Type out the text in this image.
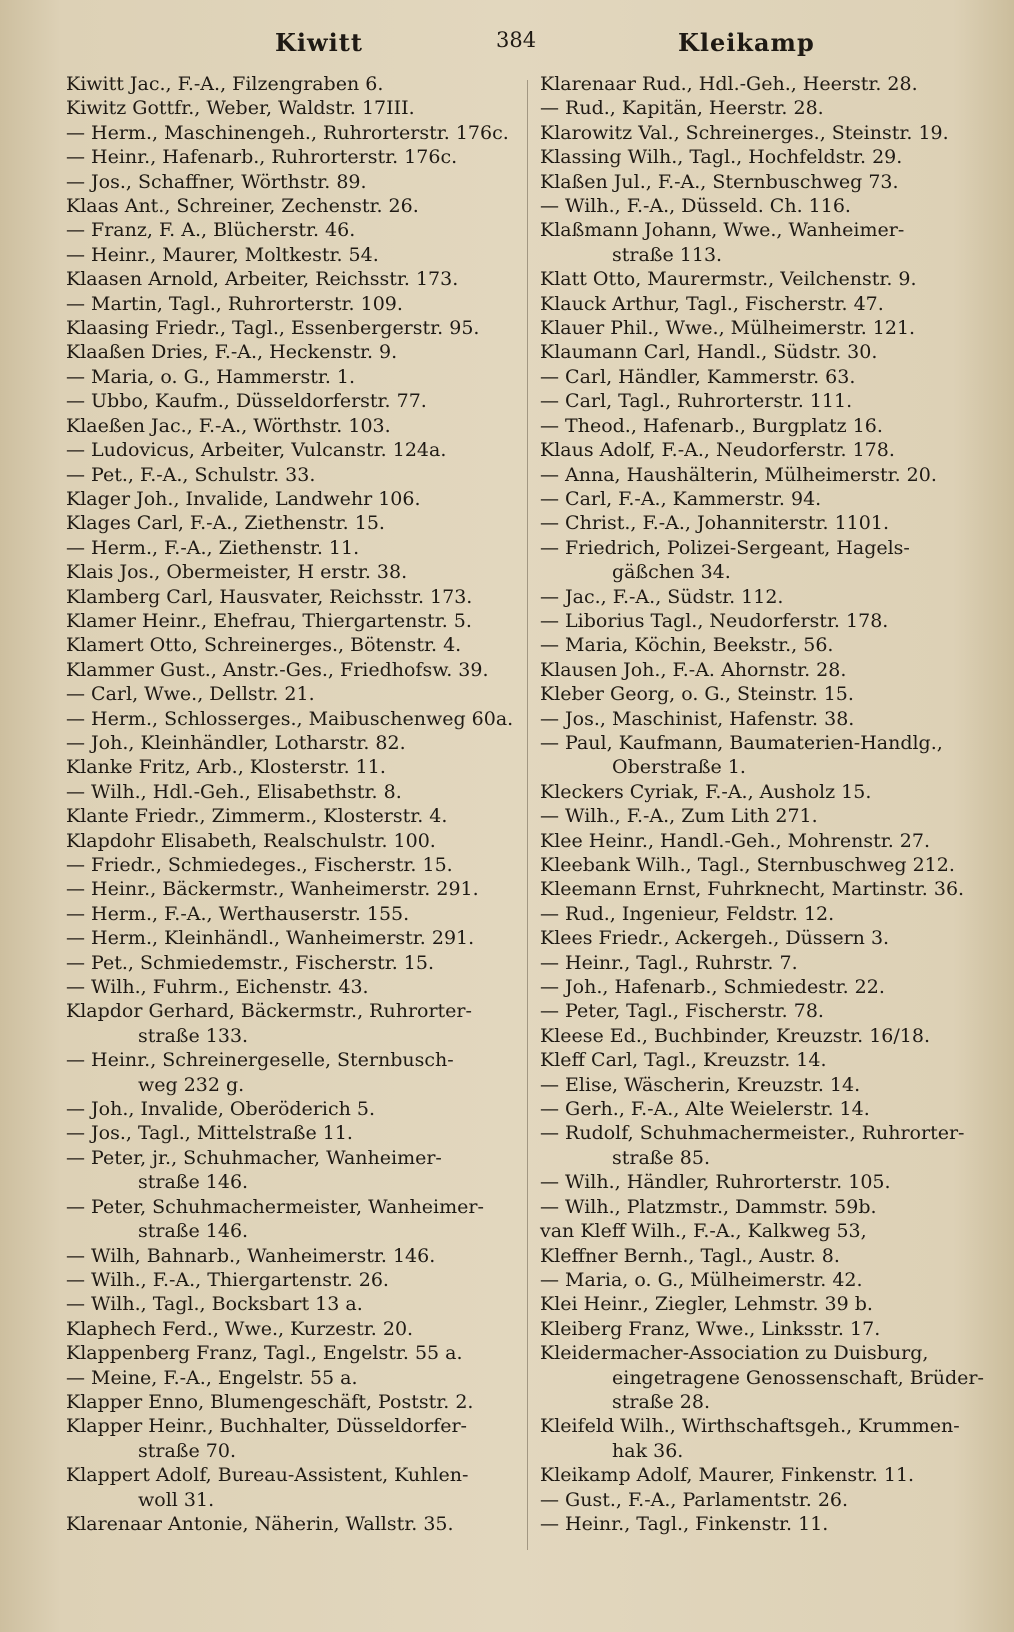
Kiwitt	384	Kleikamp
Kiwitt Jac., F.-A., Filzengraben 6.
Kiwitz Gottfr., Weber, Waldstr. 17III.
— Herm., Maschinengeh., Ruhrorterstr. 176c.
— Heinr., Hafenarb., Ruhrorterstr. 176c.
— Jos., Schaffner, Wörthstr. 89.
Klaas Ant., Schreiner, Zechenstr. 26.
— Franz, F. A., Blücherstr. 46.
— Heinr., Maurer, Moltkestr. 54.
Klaasen Arnold, Arbeiter, Reichsstr. 173.
— Martin, Tagl., Ruhrorterstr. 109.
Klaasing Friedr., Tagl., Essenbergerstr. 95.
Klaaßen Dries, F.-A., Heckenstr. 9.
— Maria, o. G., Hammerstr. 1.
— Ubbo, Kaufm., Düsseldorferstr. 77.
Klaeßen Jac., F.-A., Wörthstr. 103.
— Ludovicus, Arbeiter, Vulcanstr. 124a.
— Pet., F.-A., Schulstr. 33.
Klager Joh., Invalide, Landwehr 106.
Klages Carl, F.-A., Ziethenstr. 15.
— Herm., F.-A., Ziethenstr. 11.
Klais Jos., Obermeister, H erstr. 38.
Klamberg Carl, Hausvater, Reichsstr. 173.
Klamer Heinr., Ehefrau, Thiergartenstr. 5.
Klamert Otto, Schreinerges., Bötenstr. 4.
Klammer Gust., Anstr.-Ges., Friedhofsw. 39.
— Carl, Wwe., Dellstr. 21.
— Herm., Schlosserges., Maibuschenweg 60a.
— Joh., Kleinhändler, Lotharstr. 82.
Klanke Fritz, Arb., Klosterstr. 11.
— Wilh., Hdl.-Geh., Elisabethstr. 8.
Klante Friedr., Zimmerm., Klosterstr. 4.
Klapdohr Elisabeth, Realschulstr. 100.
— Friedr., Schmiedeges., Fischerstr. 15.
— Heinr., Bäckermstr., Wanheimerstr. 291.
— Herm., F.-A., Werthauserstr. 155.
— Herm., Kleinhändl., Wanheimerstr. 291.
— Pet., Schmiedemstr., Fischerstr. 15.
— Wilh., Fuhrm., Eichenstr. 43.
Klapdor Gerhard, Bäckermstr., Ruhrorter-
straße 133.
— Heinr., Schreinergeselle, Sternbusch-
weg 232 g.
— Joh., Invalide, Oberöderich 5.
— Jos., Tagl., Mittelstraße 11.
— Peter, jr., Schuhmacher, Wanheimer-
straße 146.
— Peter, Schuhmachermeister, Wanheimer-
straße 146.
— Wilh, Bahnarb., Wanheimerstr. 146.
— Wilh., F.-A., Thiergartenstr. 26.
— Wilh., Tagl., Bocksbart 13 a.
Klaphech Ferd., Wwe., Kurzestr. 20.
Klappenberg Franz, Tagl., Engelstr. 55 a.
— Meine, F.-A., Engelstr. 55 a.
Klapper Enno, Blumengeschäft, Poststr. 2.
Klapper Heinr., Buchhalter, Düsseldorfer-
straße 70.
Klappert Adolf, Bureau-Assistent, Kuhlen-
woll 31.
Klarenaar Antonie, Näherin, Wallstr. 35.
Klarenaar Rud., Hdl.-Geh., Heerstr. 28.
— Rud., Kapitän, Heerstr. 28.
Klarowitz Val., Schreinerges., Steinstr. 19.
Klassing Wilh., Tagl., Hochfeldstr. 29.
Klaßen Jul., F.-A., Sternbuschweg 73.
— Wilh., F.-A., Düsseld. Ch. 116.
Klaßmann Johann, Wwe., Wanheimer-
straße 113.
Klatt Otto, Maurermstr., Veilchenstr. 9.
Klauck Arthur, Tagl., Fischerstr. 47.
Klauer Phil., Wwe., Mülheimerstr. 121.
Klaumann Carl, Handl., Südstr. 30.
— Carl, Händler, Kammerstr. 63.
— Carl, Tagl., Ruhrorterstr. 111.
— Theod., Hafenarb., Burgplatz 16.
Klaus Adolf, F.-A., Neudorferstr. 178.
— Anna, Haushälterin, Mülheimerstr. 20.
— Carl, F.-A., Kammerstr. 94.
— Christ., F.-A., Johanniterstr. 1101.
— Friedrich, Polizei-Sergeant, Hagels-
gäßchen 34.
— Jac., F.-A., Südstr. 112.
— Liborius Tagl., Neudorferstr. 178.
— Maria, Köchin, Beekstr., 56.
Klausen Joh., F.-A. Ahornstr. 28.
Kleber Georg, o. G., Steinstr. 15.
— Jos., Maschinist, Hafenstr. 38.
— Paul, Kaufmann, Baumaterien-Handlg.,
Oberstraße 1.
Kleckers Cyriak, F.-A., Ausholz 15.
— Wilh., F.-A., Zum Lith 271.
Klee Heinr., Handl.-Geh., Mohrenstr. 27.
Kleebank Wilh., Tagl., Sternbuschweg 212.
Kleemann Ernst, Fuhrknecht, Martinstr. 36.
— Rud., Ingenieur, Feldstr. 12.
Klees Friedr., Ackergeh., Düssern 3.
— Heinr., Tagl., Ruhrstr. 7.
— Joh., Hafenarb., Schmiedestr. 22.
— Peter, Tagl., Fischerstr. 78.
Kleese Ed., Buchbinder, Kreuzstr. 16/18.
Kleff Carl, Tagl., Kreuzstr. 14.
— Elise, Wäscherin, Kreuzstr. 14.
— Gerh., F.-A., Alte Weielerstr. 14.
— Rudolf, Schuhmachermeister., Ruhrorter-
straße 85.
— Wilh., Händler, Ruhrorterstr. 105.
— Wilh., Platzmstr., Dammstr. 59b.
van Kleff Wilh., F.-A., Kalkweg 53,
Kleffner Bernh., Tagl., Austr. 8.
— Maria, o. G., Mülheimerstr. 42.
Klei Heinr., Ziegler, Lehmstr. 39 b.
Kleiberg Franz, Wwe., Linksstr. 17.
Kleidermacher-Association zu Duisburg,
eingetragene Genossenschaft, Brüder-
straße 28.
Kleifeld Wilh., Wirthschaftsgeh., Krummen-
hak 36.
Kleikamp Adolf, Maurer, Finkenstr. 11.
— Gust., F.-A., Parlamentstr. 26.
— Heinr., Tagl., Finkenstr. 11.
